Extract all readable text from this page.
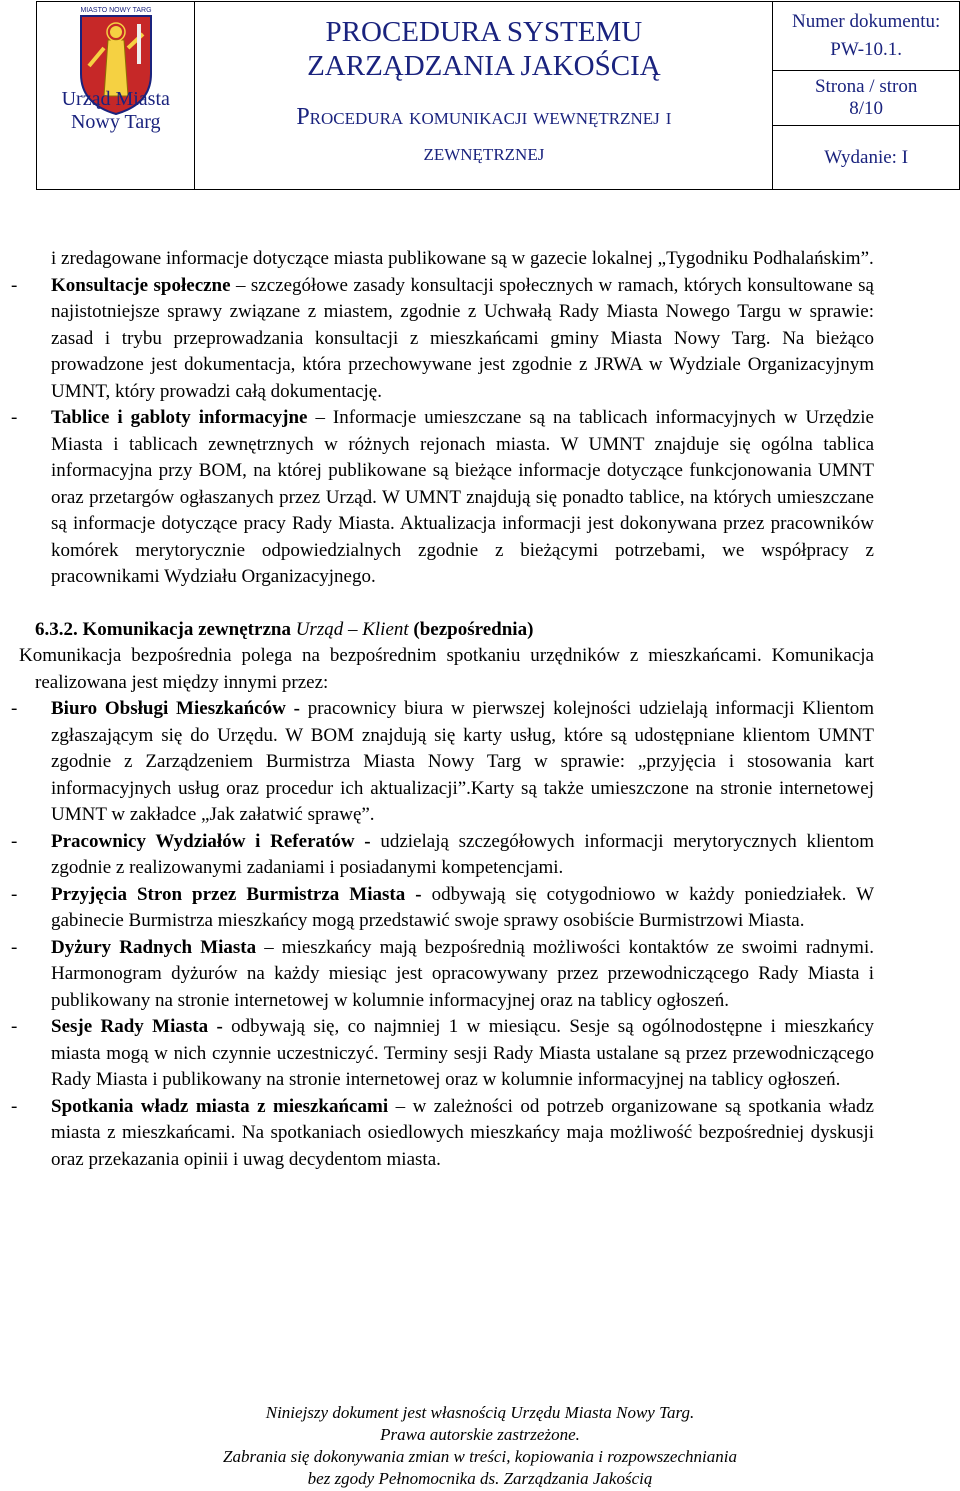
MIASTO NOWY TARG
Urząd Miasta
Nowy Targ

PROCEDURA SYSTEMU
ZARZĄDZANIA JAKOŚCIĄ
Procedura komunikacji wewnętrznej i
zewnętrznej

Numer dokumentu:
PW-10.1.

Strona / stron
8/10

Wydanie: I

i zredagowane informacje dotyczące miasta publikowane są w gazecie lokalnej „Tygodniku Podhalańskim”.

- Konsultacje społeczne – szczegółowe zasady konsultacji społecznych w ramach, których konsultowane są najistotniejsze sprawy związane z miastem, zgodnie z Uchwałą Rady Miasta Nowego Targu w sprawie: zasad i trybu przeprowadzania konsultacji z mieszkańcami gminy Miasta Nowy Targ. Na bieżąco prowadzone jest dokumentacja, która przechowywane jest zgodnie z JRWA w Wydziale Organizacyjnym UMNT, który prowadzi całą dokumentację.
- Tablice i gabloty informacyjne – Informacje umieszczane są na tablicach informacyjnych w Urzędzie Miasta i tablicach zewnętrznych w różnych rejonach miasta. W UMNT znajduje się ogólna tablica informacyjna przy BOM, na której publikowane są bieżące informacje dotyczące funkcjonowania UMNT oraz przetargów ogłaszanych przez Urząd. W UMNT znajdują się ponadto tablice, na których umieszczane są informacje dotyczące pracy Rady Miasta. Aktualizacja informacji jest dokonywana przez pracowników komórek merytorycznie odpowiedzialnych zgodnie z bieżącymi potrzebami, we współpracy z pracownikami Wydziału Organizacyjnego.

6.3.2. Komunikacja zewnętrzna Urząd – Klient (bezpośrednia)

Komunikacja bezpośrednia polega na bezpośrednim spotkaniu urzędników z mieszkańcami. Komunikacja realizowana jest między innymi przez:

- Biuro Obsługi Mieszkańców - pracownicy biura w pierwszej kolejności udzielają informacji Klientom zgłaszającym się do Urzędu. W BOM znajdują się karty usług, które są udostępniane klientom UMNT zgodnie z Zarządzeniem Burmistrza Miasta Nowy Targ w sprawie: „przyjęcia i stosowania kart informacyjnych usług oraz procedur ich aktualizacji”.Karty są także umieszczone na stronie internetowej UMNT w zakładce „Jak załatwić sprawę”.
- Pracownicy Wydziałów i Referatów - udzielają szczegółowych informacji merytorycznych klientom zgodnie z realizowanymi zadaniami i posiadanymi kompetencjami.
- Przyjęcia Stron przez Burmistrza Miasta - odbywają się cotygodniowo w każdy poniedziałek. W gabinecie Burmistrza mieszkańcy mogą przedstawić swoje sprawy osobiście Burmistrzowi Miasta.
- Dyżury Radnych Miasta – mieszkańcy mają bezpośrednią możliwości kontaktów ze swoimi radnymi. Harmonogram dyżurów na każdy miesiąc jest opracowywany przez przewodniczącego Rady Miasta i publikowany na stronie internetowej w kolumnie informacyjnej oraz na tablicy ogłoszeń.
- Sesje Rady Miasta - odbywają się, co najmniej 1 w miesiącu. Sesje są ogólnodostępne i mieszkańcy miasta mogą w nich czynnie uczestniczyć. Terminy sesji Rady Miasta ustalane są przez przewodniczącego Rady Miasta i publikowany na stronie internetowej oraz w kolumnie informacyjnej na tablicy ogłoszeń.
- Spotkania władz miasta z mieszkańcami – w zależności od potrzeb organizowane są spotkania władz miasta z mieszkańcami. Na spotkaniach osiedlowych mieszkańcy maja możliwość bezpośredniej dyskusji oraz przekazania opinii i uwag decydentom miasta.
Niniejszy dokument jest własnością Urzędu Miasta Nowy Targ.
Prawa autorskie zastrzeżone.
Zabrania się dokonywania zmian w treści, kopiowania i rozpowszechniania
bez zgody Pełnomocnika ds. Zarządzania Jakością
